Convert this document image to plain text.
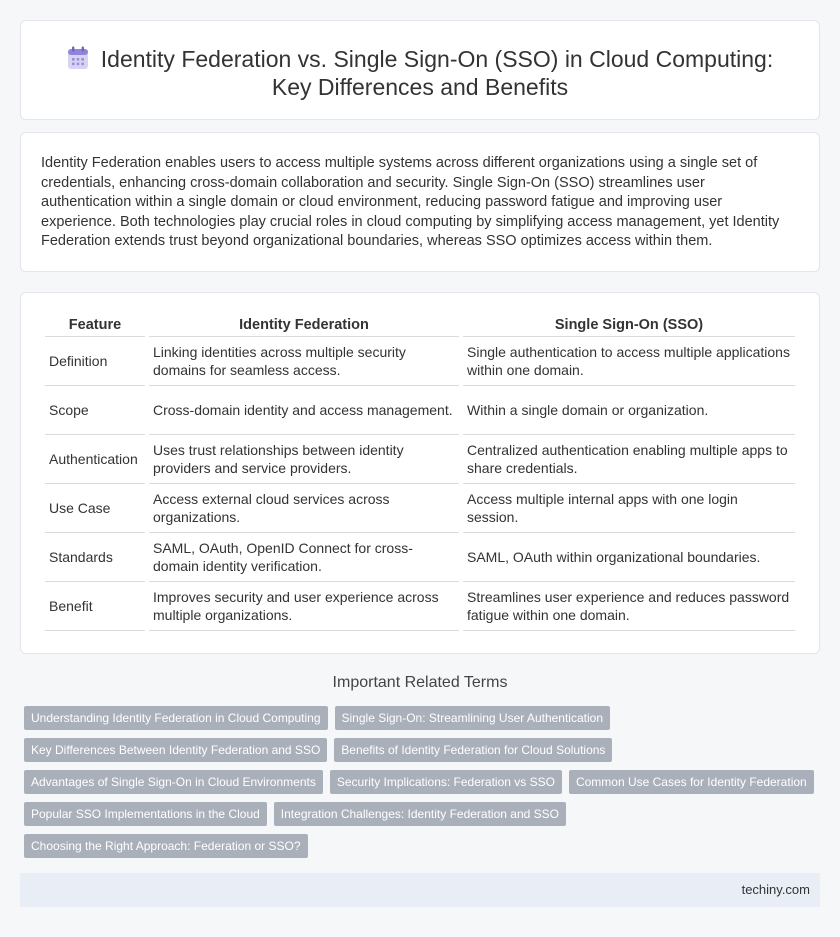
Identity Federation vs. Single Sign-On (SSO) in Cloud Computing:
Key Differences and Benefits

Identity Federation enables users to access multiple systems across different organizations using a single set of credentials, enhancing cross-domain collaboration and security. Single Sign-On (SSO) streamlines user authentication within a single domain or cloud environment, reducing password fatigue and improving user experience. Both technologies play crucial roles in cloud computing by simplifying access management, yet Identity Federation extends trust beyond organizational boundaries, whereas SSO optimizes access within them.

Feature	Identity Federation	Single Sign-On (SSO)
Definition	Linking identities across multiple security domains for seamless access.	Single authentication to access multiple applications within one domain.
Scope	Cross-domain identity and access management.	Within a single domain or organization.
Authentication	Uses trust relationships between identity providers and service providers.	Centralized authentication enabling multiple apps to share credentials.
Use Case	Access external cloud services across organizations.	Access multiple internal apps with one login session.
Standards	SAML, OAuth, OpenID Connect for cross-domain identity verification.	SAML, OAuth within organizational boundaries.
Benefit	Improves security and user experience across multiple organizations.	Streamlines user experience and reduces password fatigue within one domain.
Important Related Terms
Understanding Identity Federation in Cloud Computing	Single Sign-On: Streamlining User Authentication
Key Differences Between Identity Federation and SSO	Benefits of Identity Federation for Cloud Solutions
Advantages of Single Sign-On in Cloud Environments	Security Implications: Federation vs SSO	Common Use Cases for Identity Federation
Popular SSO Implementations in the Cloud	Integration Challenges: Identity Federation and SSO
Choosing the Right Approach: Federation or SSO?
techiny.com
